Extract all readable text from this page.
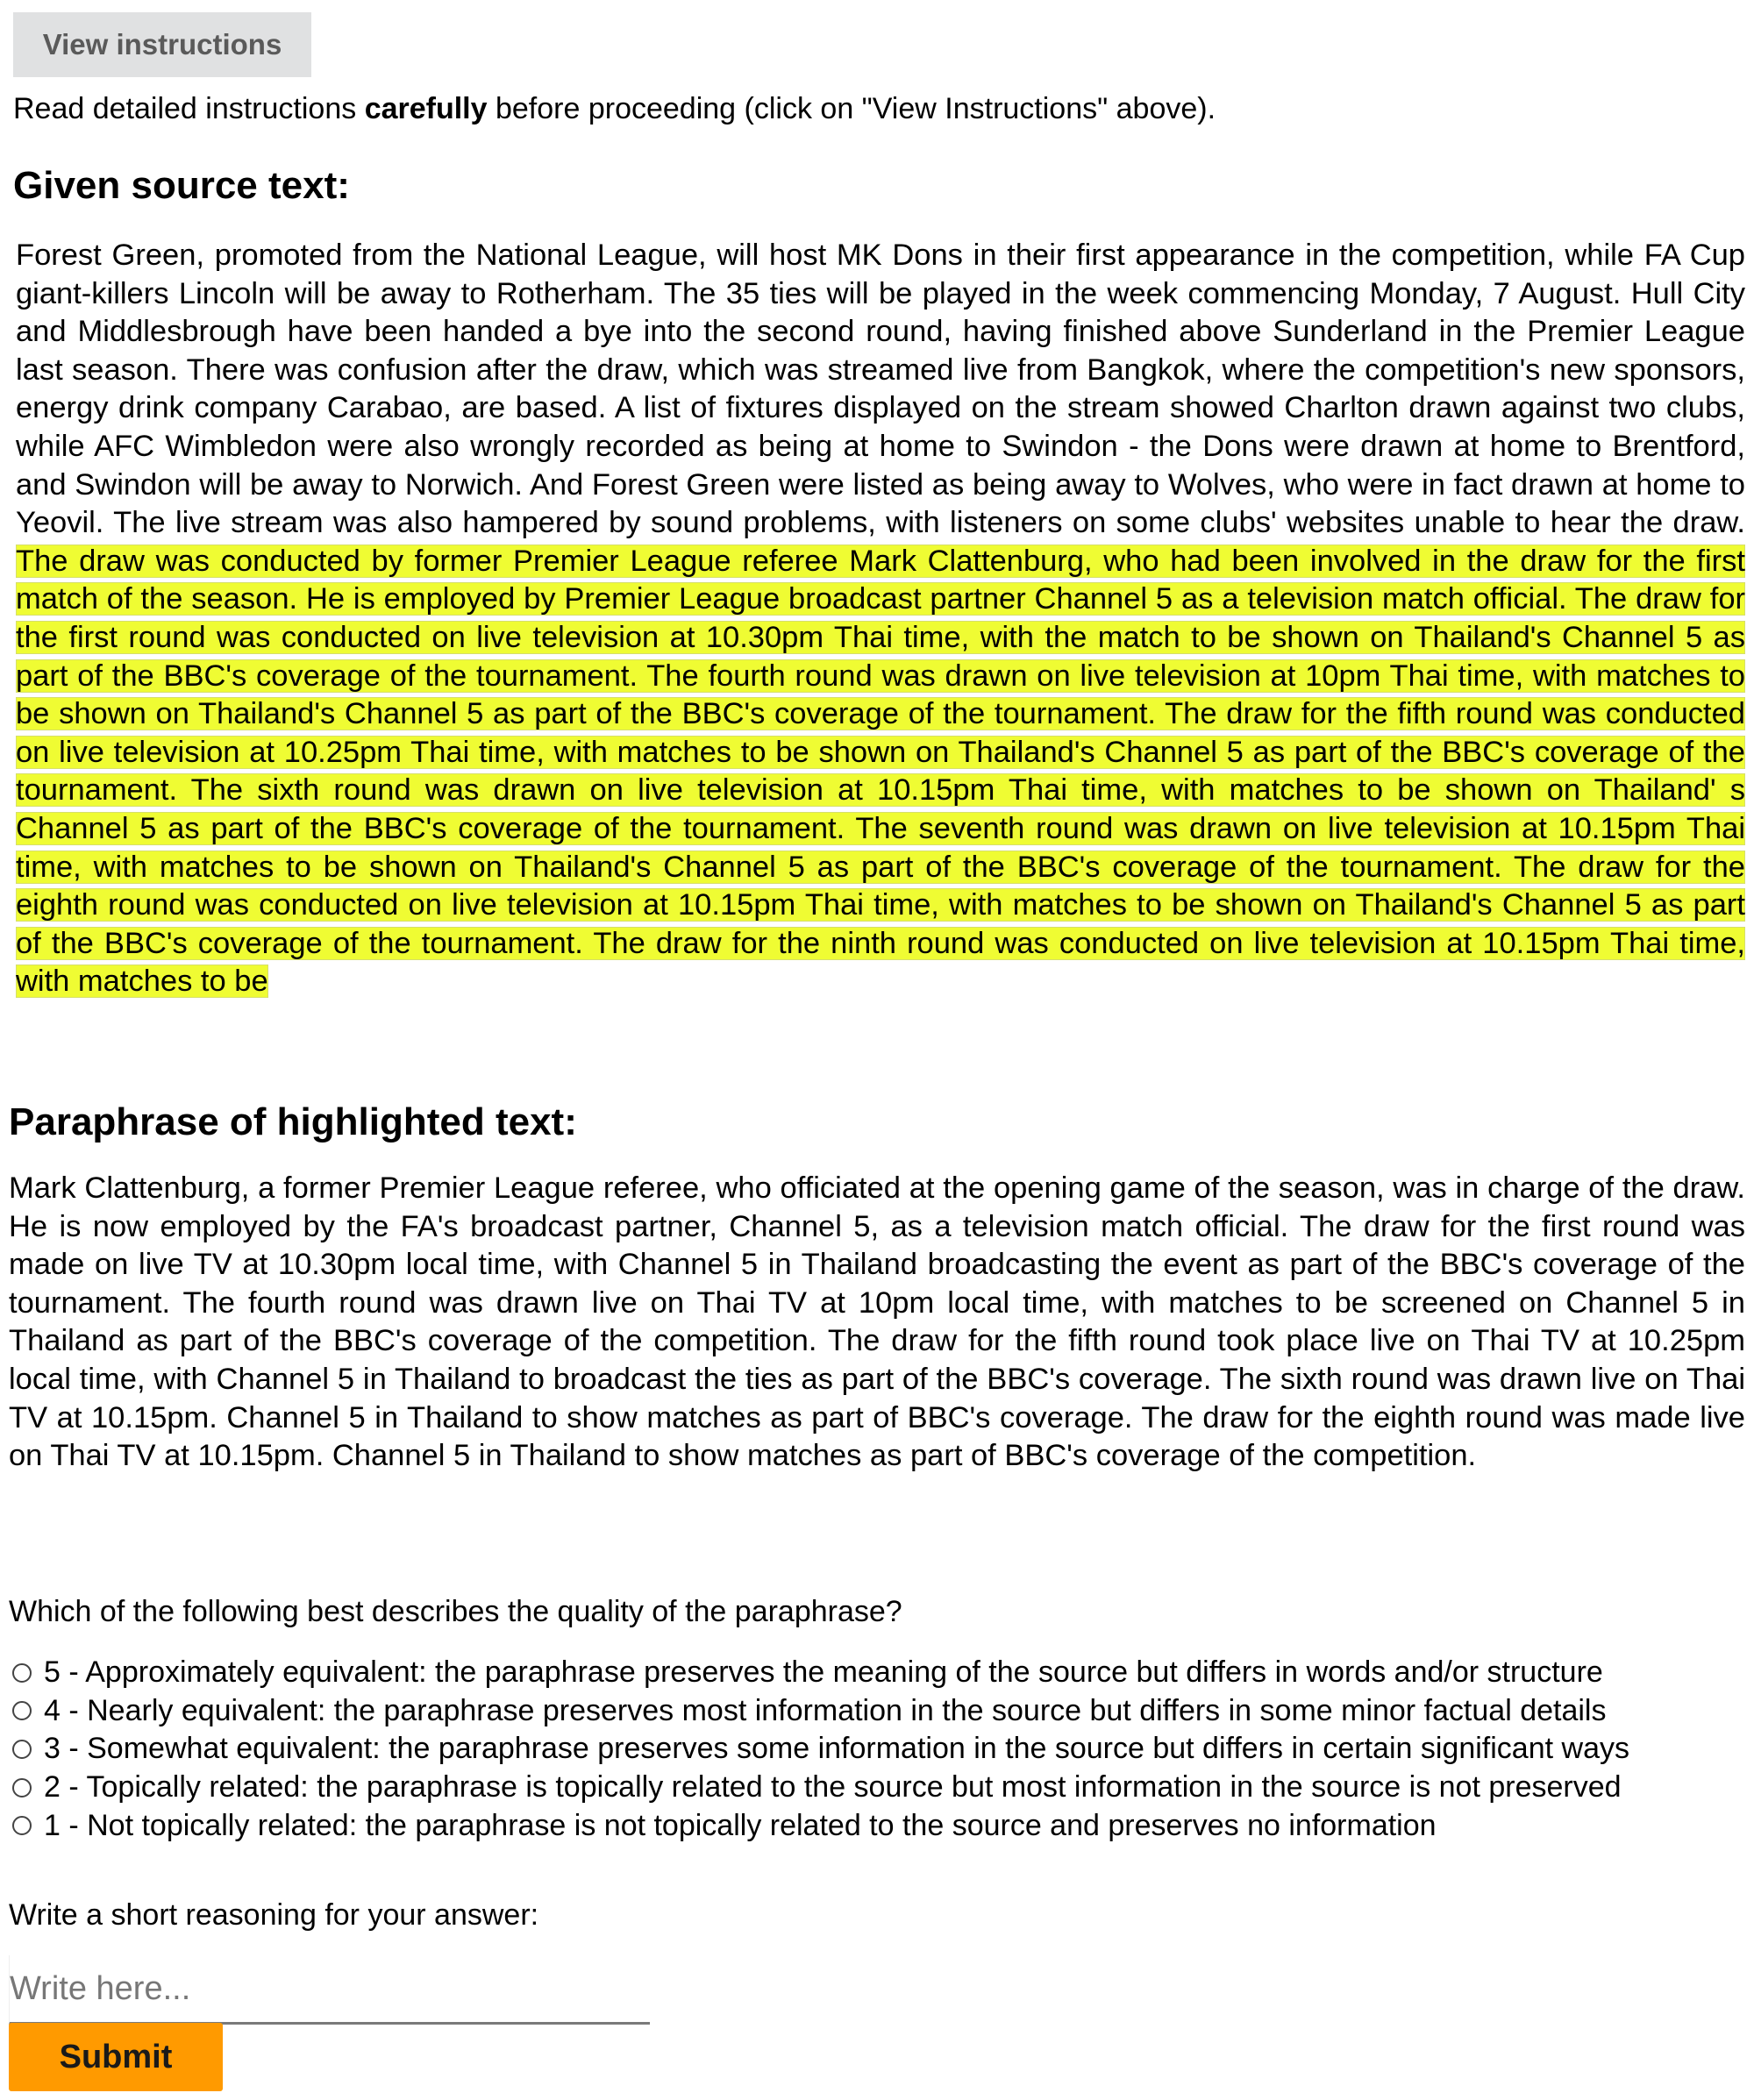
View instructions
Read detailed instructions carefully before proceeding (click on "View Instructions" above).
Given source text:
Forest Green, promoted from the National League, will host MK Dons in their first appearance in the competition, while FA Cup giant-killers Lincoln will be away to Rotherham. The 35 ties will be played in the week commencing Monday, 7 August. Hull City and Middlesbrough have been handed a bye into the second round, having finished above Sunderland in the Premier League last season. There was confusion after the draw, which was streamed live from Bangkok, where the competition's new sponsors, energy drink company Carabao, are based. A list of fixtures displayed on the stream showed Charlton drawn against two clubs, while AFC Wimbledon were also wrongly recorded as being at home to Swindon - the Dons were drawn at home to Brentford, and Swindon will be away to Norwich. And Forest Green were listed as being away to Wolves, who were in fact drawn at home to Yeovil. The live stream was also hampered by sound problems, with listeners on some clubs' websites unable to hear the draw. The draw was conducted by former Premier League referee Mark Clattenburg, who had been involved in the draw for the first match of the season. He is employed by Premier League broadcast partner Channel 5 as a television match official. The draw for the first round was conducted on live television at 10.30pm Thai time, with the match to be shown on Thailand's Channel 5 as part of the BBC's coverage of the tournament. The fourth round was drawn on live television at 10pm Thai time, with matches to be shown on Thailand's Channel 5 as part of the BBC's coverage of the tournament. The draw for the fifth round was conducted on live television at 10.25pm Thai time, with matches to be shown on Thailand's Channel 5 as part of the BBC's coverage of the tournament. The sixth round was drawn on live television at 10.15pm Thai time, with matches to be shown on Thailand' s Channel 5 as part of the BBC's coverage of the tournament. The seventh round was drawn on live television at 10.15pm Thai time, with matches to be shown on Thailand's Channel 5 as part of the BBC's coverage of the tournament. The draw for the eighth round was conducted on live television at 10.15pm Thai time, with matches to be shown on Thailand's Channel 5 as part of the BBC's coverage of the tournament. The draw for the ninth round was conducted on live television at 10.15pm Thai time, with matches to be
Paraphrase of highlighted text:
Mark Clattenburg, a former Premier League referee, who officiated at the opening game of the season, was in charge of the draw. He is now employed by the FA's broadcast partner, Channel 5, as a television match official. The draw for the first round was made on live TV at 10.30pm local time, with Channel 5 in Thailand broadcasting the event as part of the BBC's coverage of the tournament. The fourth round was drawn live on Thai TV at 10pm local time, with matches to be screened on Channel 5 in Thailand as part of the BBC's coverage of the competition. The draw for the fifth round took place live on Thai TV at 10.25pm local time, with Channel 5 in Thailand to broadcast the ties as part of the BBC's coverage. The sixth round was drawn live on Thai TV at 10.15pm. Channel 5 in Thailand to show matches as part of BBC's coverage. The draw for the eighth round was made live on Thai TV at 10.15pm. Channel 5 in Thailand to show matches as part of BBC's coverage of the competition.
Which of the following best describes the quality of the paraphrase?
5 - Approximately equivalent: the paraphrase preserves the meaning of the source but differs in words and/or structure
4 - Nearly equivalent: the paraphrase preserves most information in the source but differs in some minor factual details
3 - Somewhat equivalent: the paraphrase preserves some information in the source but differs in certain significant ways
2 - Topically related: the paraphrase is topically related to the source but most information in the source is not preserved
1 - Not topically related: the paraphrase is not topically related to the source and preserves no information
Write a short reasoning for your answer:
Write here...
Submit
